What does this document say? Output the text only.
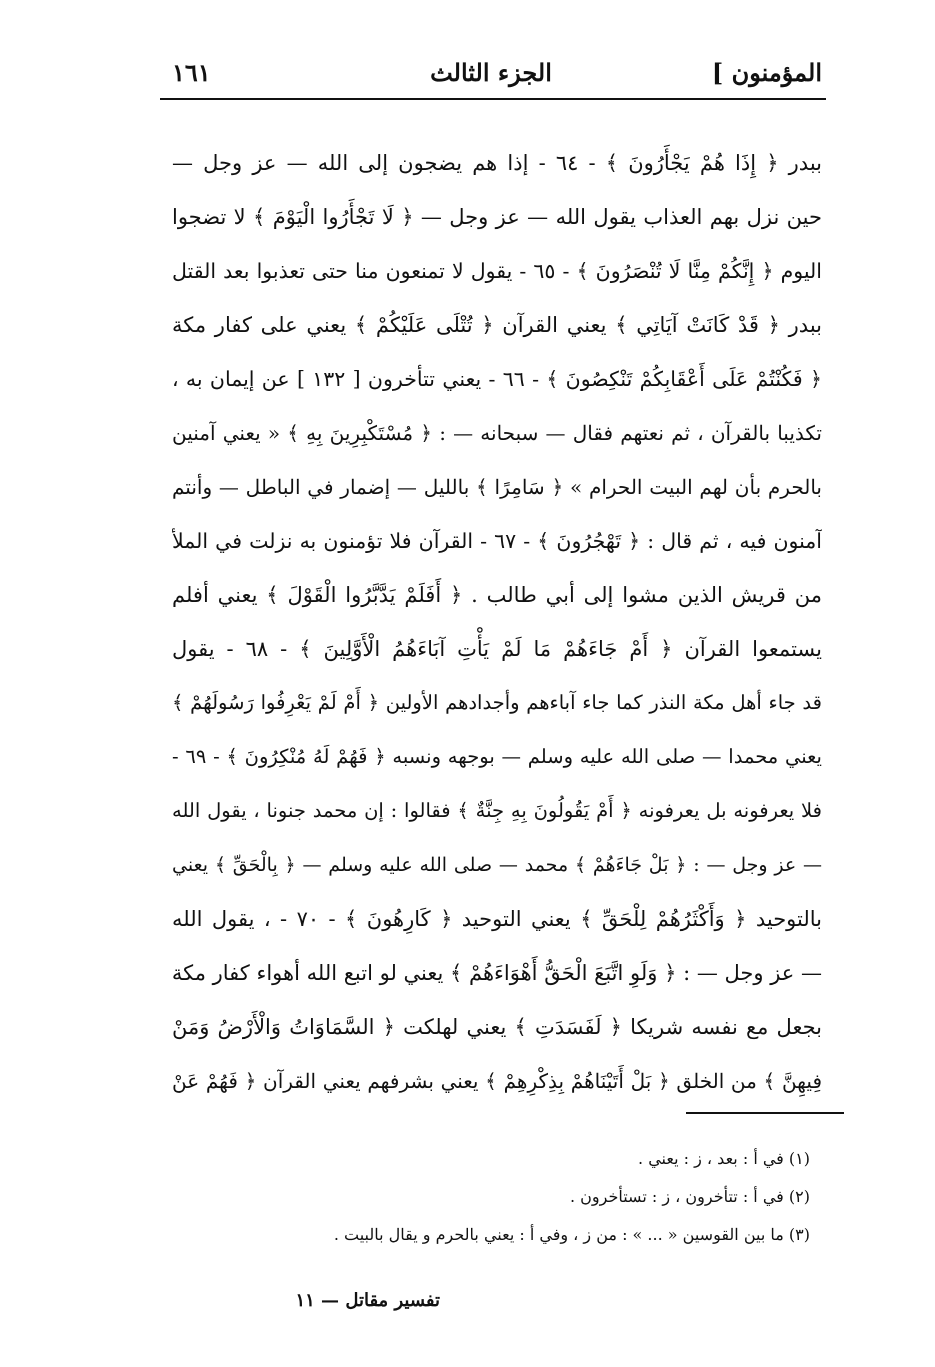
المؤمنون ]
الجزء الثالث
١٦١
ببدر ﴿ إِذَا هُمْ يَجْأَرُونَ ﴾ - ٦٤ - إذا هم يضجون إلى الله — عز وجل —
حين نزل بهم العذاب يقول الله — عز وجل — ﴿ لَا تَجْأَرُوا الْيَوْمَ ﴾ لا تضجوا
اليوم ﴿ إِنَّكُمْ مِنَّا لَا تُنْصَرُونَ ﴾ - ٦٥ - يقول لا تمنعون منا حتى تعذبوا بعد القتل
ببدر ﴿ قَدْ كَانَتْ آيَاتِي ﴾ يعني القرآن ﴿ تُتْلَى عَلَيْكُمْ ﴾ يعني على كفار مكة
﴿ فَكُنْتُمْ عَلَى أَعْقَابِكُمْ تَنْكِصُونَ ﴾ - ٦٦ - يعني تتأخرون [ ١٣٢ ] عن إيمان به ،
تكذيبا بالقرآن ، ثم نعتهم فقال — سبحانه — : ﴿ مُسْتَكْبِرِينَ بِهِ ﴾ « يعني آمنين
بالحرم بأن لهم البيت الحرام » ﴿ سَامِرًا ﴾ بالليل — إضمار في الباطل — وأنتم
آمنون فيه ، ثم قال : ﴿ تَهْجُرُونَ ﴾ - ٦٧ - القرآن فلا تؤمنون به نزلت في الملأ
من قريش الذين مشوا إلى أبي طالب . ﴿ أَفَلَمْ يَدَّبَّرُوا الْقَوْلَ ﴾ يعني أفلم
يستمعوا القرآن ﴿ أَمْ جَاءَهُمْ مَا لَمْ يَأْتِ آبَاءَهُمُ الْأَوَّلِينَ ﴾ - ٦٨ - يقول
قد جاء أهل مكة النذر كما جاء آباءهم وأجدادهم الأولين ﴿ أَمْ لَمْ يَعْرِفُوا رَسُولَهُمْ ﴾
يعني محمدا — صلى الله عليه وسلم — بوجهه ونسبه ﴿ فَهُمْ لَهُ مُنْكِرُونَ ﴾ - ٦٩ -
فلا يعرفونه بل يعرفونه ﴿ أَمْ يَقُولُونَ بِهِ جِنَّةٌ ﴾ فقالوا : إن محمد جنونا ، يقول الله
— عز وجل — : ﴿ بَلْ جَاءَهُمْ ﴾ محمد — صلى الله عليه وسلم — ﴿ بِالْحَقِّ ﴾ يعني
بالتوحيد ﴿ وَأَكْثَرُهُمْ لِلْحَقِّ ﴾ يعني التوحيد ﴿ كَارِهُونَ ﴾ - ٧٠ - ، يقول الله
— عز وجل — : ﴿ وَلَوِ اتَّبَعَ الْحَقُّ أَهْوَاءَهُمْ ﴾ يعني لو اتبع الله أهواء كفار مكة
بجعل مع نفسه شريكا ﴿ لَفَسَدَتِ ﴾ يعني لهلكت ﴿ السَّمَاوَاتُ وَالْأَرْضُ وَمَنْ
فِيهِنَّ ﴾ من الخلق ﴿ بَلْ أَتَيْنَاهُمْ بِذِكْرِهِمْ ﴾ يعني بشرفهم يعني القرآن ﴿ فَهُمْ عَنْ
(١) في أ : بعد ، ز : يعني .
(٢) في أ : تتأخرون ، ز : تستأخرون .
(٣) ما بين القوسين « ... » : من ز ، وفي أ : يعني بالحرم و يقال بالبيت .
تفسير مقاتل — ١١
